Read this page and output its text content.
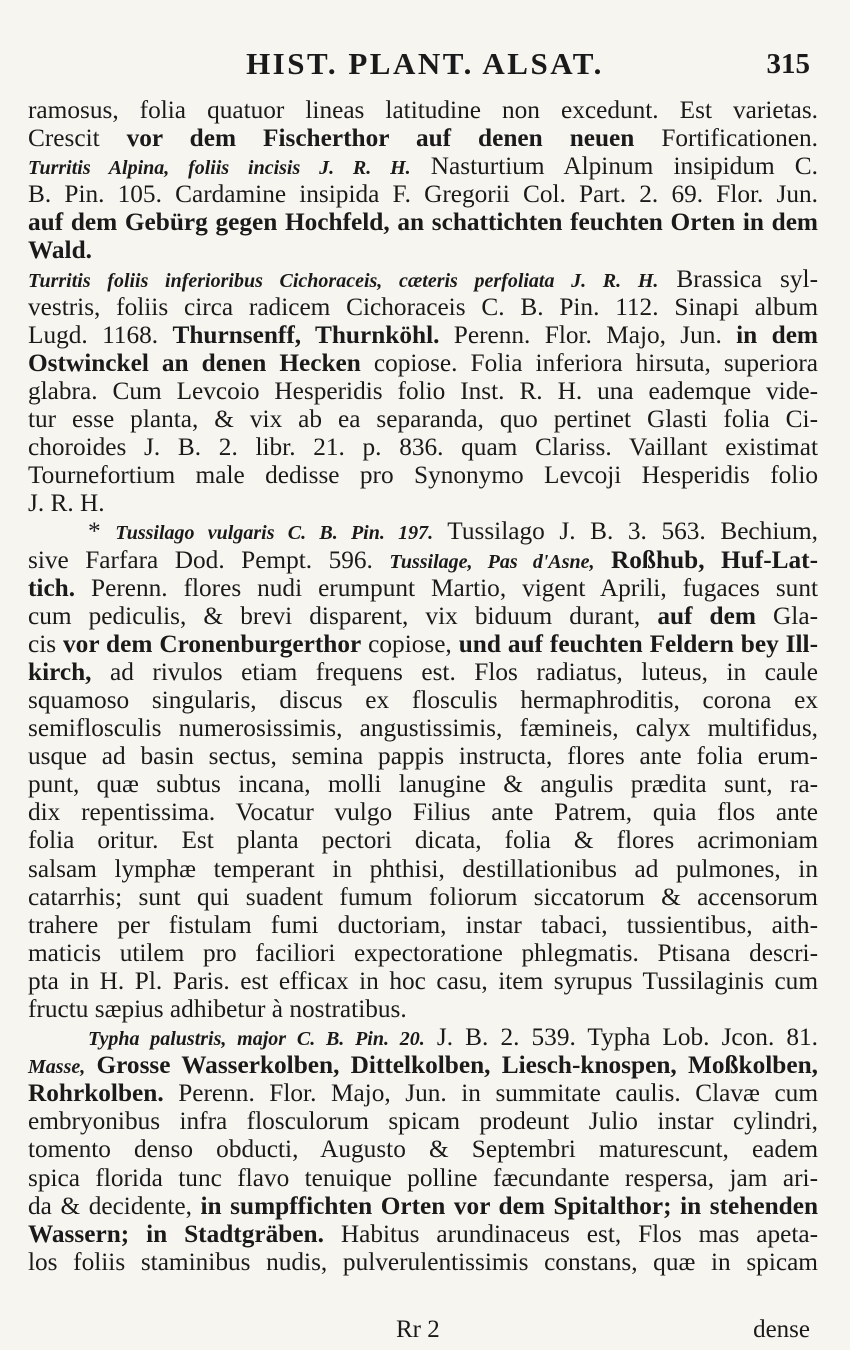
HIST. PLANT. ALSAT.	315
ramosus, folia quatuor lineas latitudine non excedunt. Est varietas.
Crescit vor dem Fischerthor auf denen neuen Fortificationen.
Turritis Alpina, foliis incisis J. R. H. Nasturtium Alpinum insipidum C.
B. Pin. 105. Cardamine insipida F. Gregorii Col. Part. 2. 69. Flor. Jun.
auf dem Gebürg gegen Hochfeld, an schattichten feuchten Orten in dem
Wald.
Turritis foliis inferioribus Cichoraceis, cæteris perfoliata J. R. H. Brassica syl-
vestris, foliis circa radicem Cichoraceis C. B. Pin. 112. Sinapi album
Lugd. 1168. Thurnsenff, Thurnköhl. Perenn. Flor. Majo, Jun. in dem
Ostwinckel an denen Hecken copiose. Folia inferiora hirsuta, superiora
glabra. Cum Levcoio Hesperidis folio Inst. R. H. una eademque vide-
tur esse planta, & vix ab ea separanda, quo pertinet Glasti folia Ci-
choroides J. B. 2. libr. 21. p. 836. quam Clariss. Vaillant existimat
Tournefortium male dedisse pro Synonymo Levcoji Hesperidis folio
J. R. H.
* Tussilago vulgaris C. B. Pin. 197. Tussilago J. B. 3. 563. Bechium,
sive Farfara Dod. Pempt. 596. Tussilage, Pas d'Asne, Roßhub, Huf-Lat-
tich. Perenn. flores nudi erumpunt Martio, vigent Aprili, fugaces sunt
cum pediculis, & brevi disparent, vix biduum durant, auf dem Gla-
cis vor dem Cronenburgerthor copiose, und auf feuchten Feldern bey Ill-
kirch, ad rivulos etiam frequens est. Flos radiatus, luteus, in caule
squamoso singularis, discus ex flosculis hermaphroditis, corona ex
semiflosculis numerosissimis, angustissimis, fæmineis, calyx multifidus,
usque ad basin sectus, semina pappis instructa, flores ante folia erum-
punt, quæ subtus incana, molli lanugine & angulis prædita sunt, ra-
dix repentissima. Vocatur vulgo Filius ante Patrem, quia flos ante
folia oritur. Est planta pectori dicata, folia & flores acrimoniam
salsam lymphæ temperant in phthisi, destillationibus ad pulmones, in
catarrhis; sunt qui suadent fumum foliorum siccatorum & accensorum
trahere per fistulam fumi ductoriam, instar tabaci, tussientibus, aith-
maticis utilem pro faciliori expectoratione phlegmatis. Ptisana descri-
pta in H. Pl. Paris. est efficax in hoc casu, item syrupus Tussilaginis cum
fructu sæpius adhibetur à nostratibus.
Typha palustris, major C. B. Pin. 20. J. B. 2. 539. Typha Lob. Jcon. 81.
Masse, Grosse Wasserkolben, Dittelkolben, Liesch-knospen, Moßkolben,
Rohrkolben. Perenn. Flor. Majo, Jun. in summitate caulis. Clavæ cum
embryonibus infra flosculorum spicam prodeunt Julio instar cylindri,
tomento denso obducti, Augusto & Septembri maturescunt, eadem
spica florida tunc flavo tenuique polline fæcundante respersa, jam ari-
da & decidente, in sumpffichten Orten vor dem Spitalthor; in stehenden
Wassern; in Stadtgräben. Habitus arundinaceus est, Flos mas apeta-
los foliis staminibus nudis, pulverulentissimis constans, quæ in spicam
Rr 2	dense
